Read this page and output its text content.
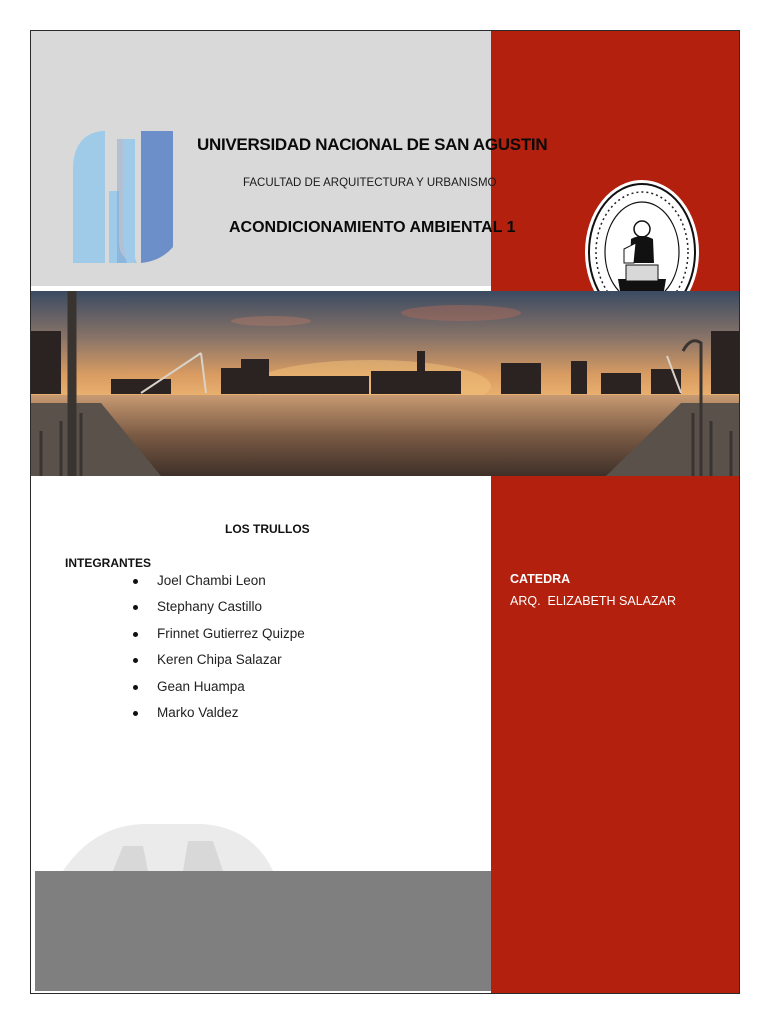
UNIVERSIDAD NACIONAL DE SAN AGUSTIN

FACULTAD DE ARQUITECTURA Y URBANISMO

ACONDICIONAMIENTO AMBIENTAL 1
LOS TRULLOS
INTEGRANTES
Joel Chambi Leon
Stephany Castillo
Frinnet Gutierrez Quizpe
Keren Chipa Salazar
Gean Huampa
Marko Valdez

CATEDRA

ARQ.  ELIZABETH SALAZAR
